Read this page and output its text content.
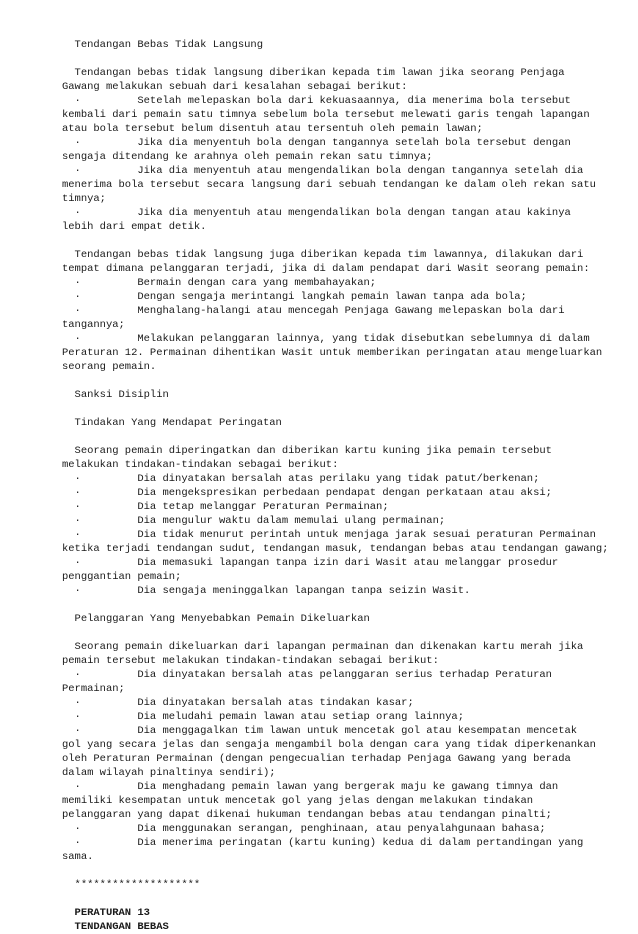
Tendangan Bebas Tidak Langsung
Tendangan bebas tidak langsung diberikan kepada tim lawan jika seorang Penjaga
Gawang melakukan sebuah dari kesalahan sebagai berikut:
·         Setelah melepaskan bola dari kekuasaannya, dia menerima bola tersebut
kembali dari pemain satu timnya sebelum bola tersebut melewati garis tengah lapangan
atau bola tersebut belum disentuh atau tersentuh oleh pemain lawan;
·         Jika dia menyentuh bola dengan tangannya setelah bola tersebut dengan
sengaja ditendang ke arahnya oleh pemain rekan satu timnya;
·         Jika dia menyentuh atau mengendalikan bola dengan tangannya setelah dia
menerima bola tersebut secara langsung dari sebuah tendangan ke dalam oleh rekan satu
timnya;
·         Jika dia menyentuh atau mengendalikan bola dengan tangan atau kakinya
lebih dari empat detik.
Tendangan bebas tidak langsung juga diberikan kepada tim lawannya, dilakukan dari
tempat dimana pelanggaran terjadi, jika di dalam pendapat dari Wasit seorang pemain:
·         Bermain dengan cara yang membahayakan;
·         Dengan sengaja merintangi langkah pemain lawan tanpa ada bola;
·         Menghalang-halangi atau mencegah Penjaga Gawang melepaskan bola dari
tangannya;
·         Melakukan pelanggaran lainnya, yang tidak disebutkan sebelumnya di dalam
Peraturan 12. Permainan dihentikan Wasit untuk memberikan peringatan atau mengeluarkan
seorang pemain.
Sanksi Disiplin
Tindakan Yang Mendapat Peringatan
Seorang pemain diperingatkan dan diberikan kartu kuning jika pemain tersebut
melakukan tindakan-tindakan sebagai berikut:
·         Dia dinyatakan bersalah atas perilaku yang tidak patut/berkenan;
·         Dia mengekspresikan perbedaan pendapat dengan perkataan atau aksi;
·         Dia tetap melanggar Peraturan Permainan;
·         Dia mengulur waktu dalam memulai ulang permainan;
·         Dia tidak menurut perintah untuk menjaga jarak sesuai peraturan Permainan
ketika terjadi tendangan sudut, tendangan masuk, tendangan bebas atau tendangan gawang;
·         Dia memasuki lapangan tanpa izin dari Wasit atau melanggar prosedur
penggantian pemain;
·         Dia sengaja meninggalkan lapangan tanpa seizin Wasit.
Pelanggaran Yang Menyebabkan Pemain Dikeluarkan
Seorang pemain dikeluarkan dari lapangan permainan dan dikenakan kartu merah jika
pemain tersebut melakukan tindakan-tindakan sebagai berikut:
·         Dia dinyatakan bersalah atas pelanggaran serius terhadap Peraturan
Permainan;
·         Dia dinyatakan bersalah atas tindakan kasar;
·         Dia meludahi pemain lawan atau setiap orang lainnya;
·         Dia menggagalkan tim lawan untuk mencetak gol atau kesempatan mencetak
gol yang secara jelas dan sengaja mengambil bola dengan cara yang tidak diperkenankan
oleh Peraturan Permainan (dengan pengecualian terhadap Penjaga Gawang yang berada
dalam wilayah pinaltinya sendiri);
·         Dia menghadang pemain lawan yang bergerak maju ke gawang timnya dan
memiliki kesempatan untuk mencetak gol yang jelas dengan melakukan tindakan
pelanggaran yang dapat dikenai hukuman tendangan bebas atau tendangan pinalti;
·         Dia menggunakan serangan, penghinaan, atau penyalahgunaan bahasa;
·         Dia menerima peringatan (kartu kuning) kedua di dalam pertandingan yang
sama.
********************
PERATURAN 13
TENDANGAN BEBAS
